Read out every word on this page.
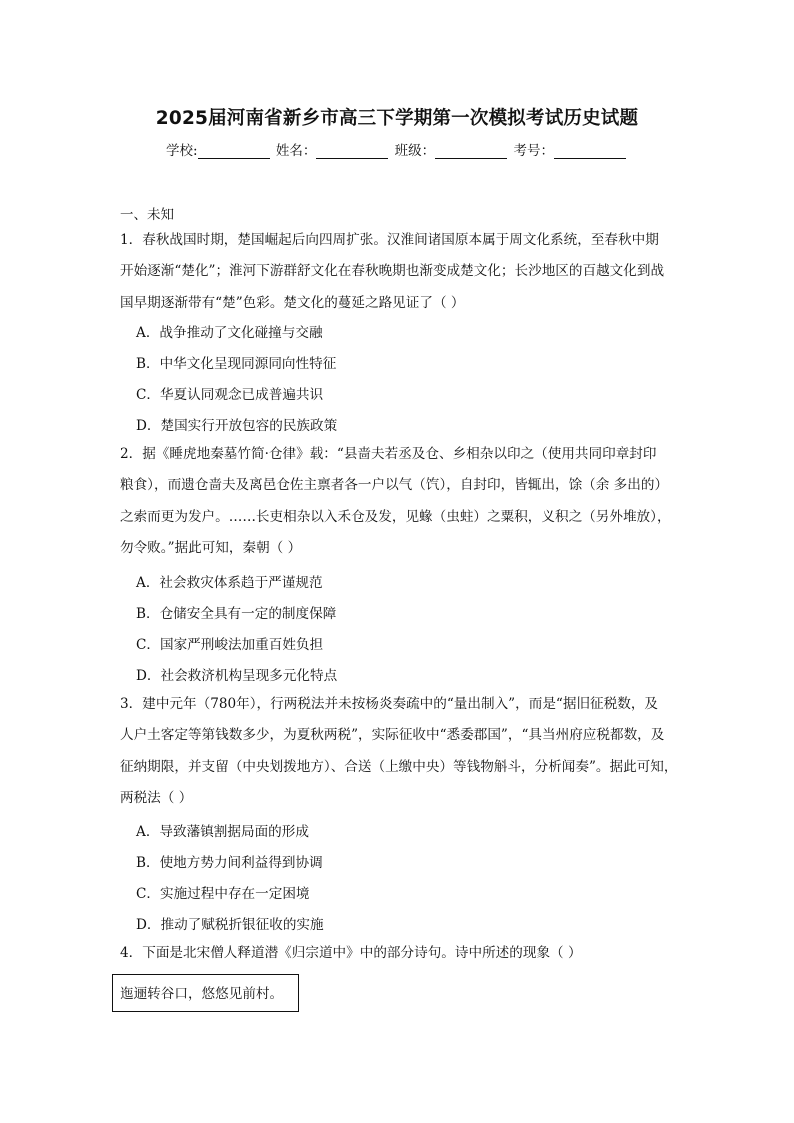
2025届河南省新乡市高三下学期第一次模拟考试历史试题
学校:	姓名：	班级：	考号：
一、未知
1．春秋战国时期，楚国崛起后向四周扩张。汉淮间诸国原本属于周文化系统，至春秋中期
开始逐渐“楚化”；淮河下游群舒文化在春秋晚期也渐变成楚文化；长沙地区的百越文化到战
国早期逐渐带有“楚”色彩。楚文化的蔓延之路见证了（ ）
A．战争推动了文化碰撞与交融
B．中华文化呈现同源同向性特征
C．华夏认同观念已成普遍共识
D．楚国实行开放包容的民族政策
2．据《睡虎地秦墓竹简·仓律》载：“县啬夫若丞及仓、乡相杂以印之（使用共同印章封印
粮食），而遗仓啬夫及离邑仓佐主禀者各一户以气（饩），自封印，皆辄出，馀（余 多出的）
之索而更为发户。……长吏相杂以入禾仓及发，见蝝（虫蛀）之粟积，义积之（另外堆放），
勿令败。”据此可知，秦朝（ ）
A．社会救灾体系趋于严谨规范
B．仓储安全具有一定的制度保障
C．国家严刑峻法加重百姓负担
D．社会救济机构呈现多元化特点
3．建中元年（780年），行两税法并未按杨炎奏疏中的“量出制入”，而是“据旧征税数，及
人户土客定等第钱数多少，为夏秋两税”，实际征收中“悉委郡国”，“具当州府应税都数，及
征纳期限，并支留（中央划拨地方）、合送（上缴中央）等钱物斛斗，分析闻奏”。据此可知，
两税法（ ）
A．导致藩镇割据局面的形成
B．使地方势力间利益得到协调
C．实施过程中存在一定困境
D．推动了赋税折银征收的实施
4．下面是北宋僧人释道潜《归宗道中》中的部分诗句。诗中所述的现象（ ）
迤逦转谷口，悠悠见前村。
